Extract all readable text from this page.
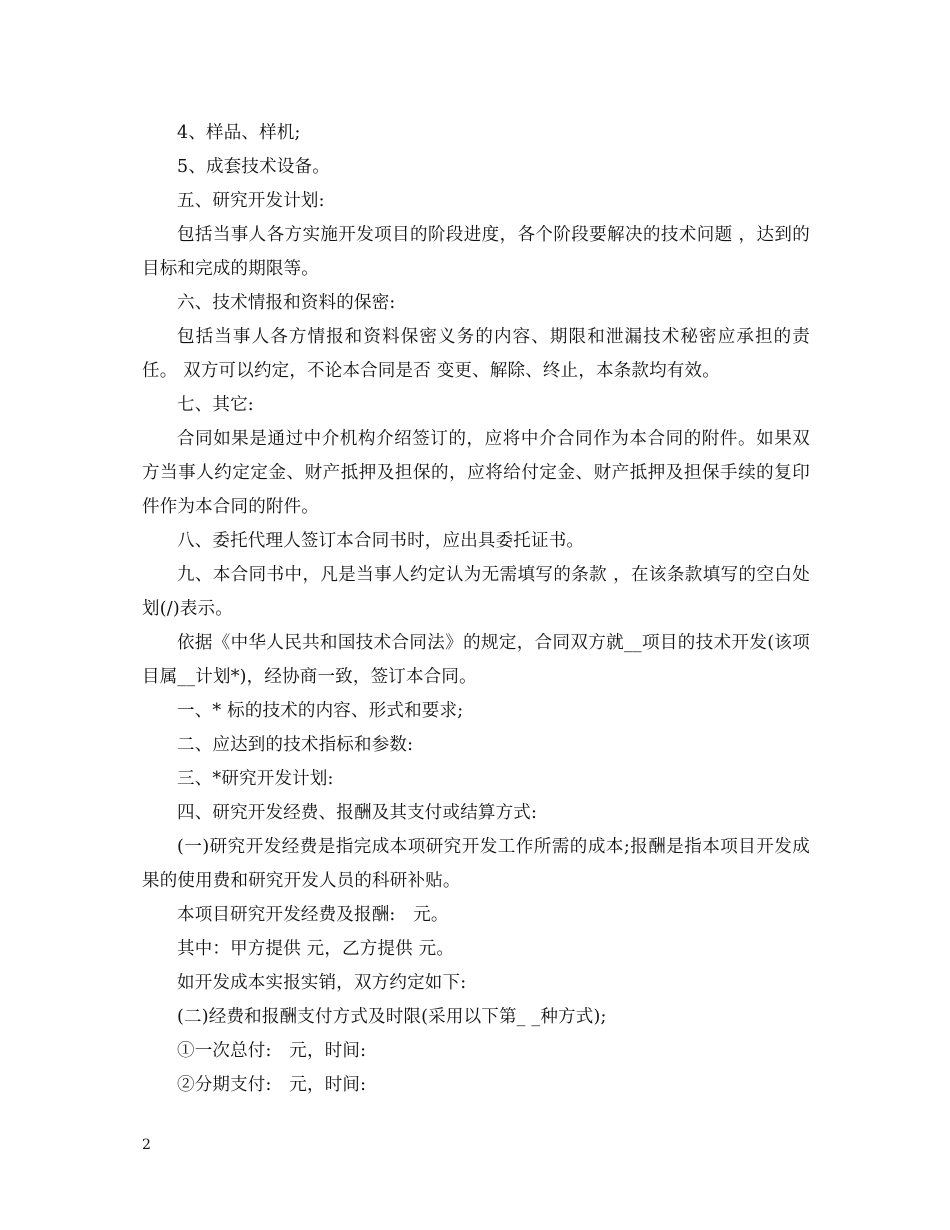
4、样品、样机;

5、成套技术设备。

五、研究开发计划:

包括当事人各方实施开发项目的阶段进度，各个阶段要解决的技术问题 ，达到的目标和完成的期限等。

六、技术情报和资料的保密:

包括当事人各方情报和资料保密义务的内容、期限和泄漏技术秘密应承担的责任。 双方可以约定，不论本合同是否 变更、解除、终止，本条款均有效。

七、其它:

合同如果是通过中介机构介绍签订的，应将中介合同作为本合同的附件。如果双方当事人约定定金、财产抵押及担保的，应将给付定金、财产抵押及担保手续的复印件作为本合同的附件。

八、委托代理人签订本合同书时，应出具委托证书。

九、本合同书中，凡是当事人约定认为无需填写的条款 ，在该条款填写的空白处划(/)表示。

依据《中华人民共和国技术合同法》的规定，合同双方就__项目的技术开发(该项目属__计划*)，经协商一致，签订本合同。

一、* 标的技术的内容、形式和要求;

二、应达到的技术指标和参数:

三、*研究开发计划:

四、研究开发经费、报酬及其支付或结算方式:

(一)研究开发经费是指完成本项研究开发工作所需的成本;报酬是指本项目开发成果的使用费和研究开发人员的科研补贴。

本项目研究开发经费及报酬:　元。

其中：甲方提供 元，乙方提供 元。

如开发成本实报实销，双方约定如下:

(二)经费和报酬支付方式及时限(采用以下第_ _种方式);

①一次总付:　元，时间:

②分期支付:　元，时间:

2
